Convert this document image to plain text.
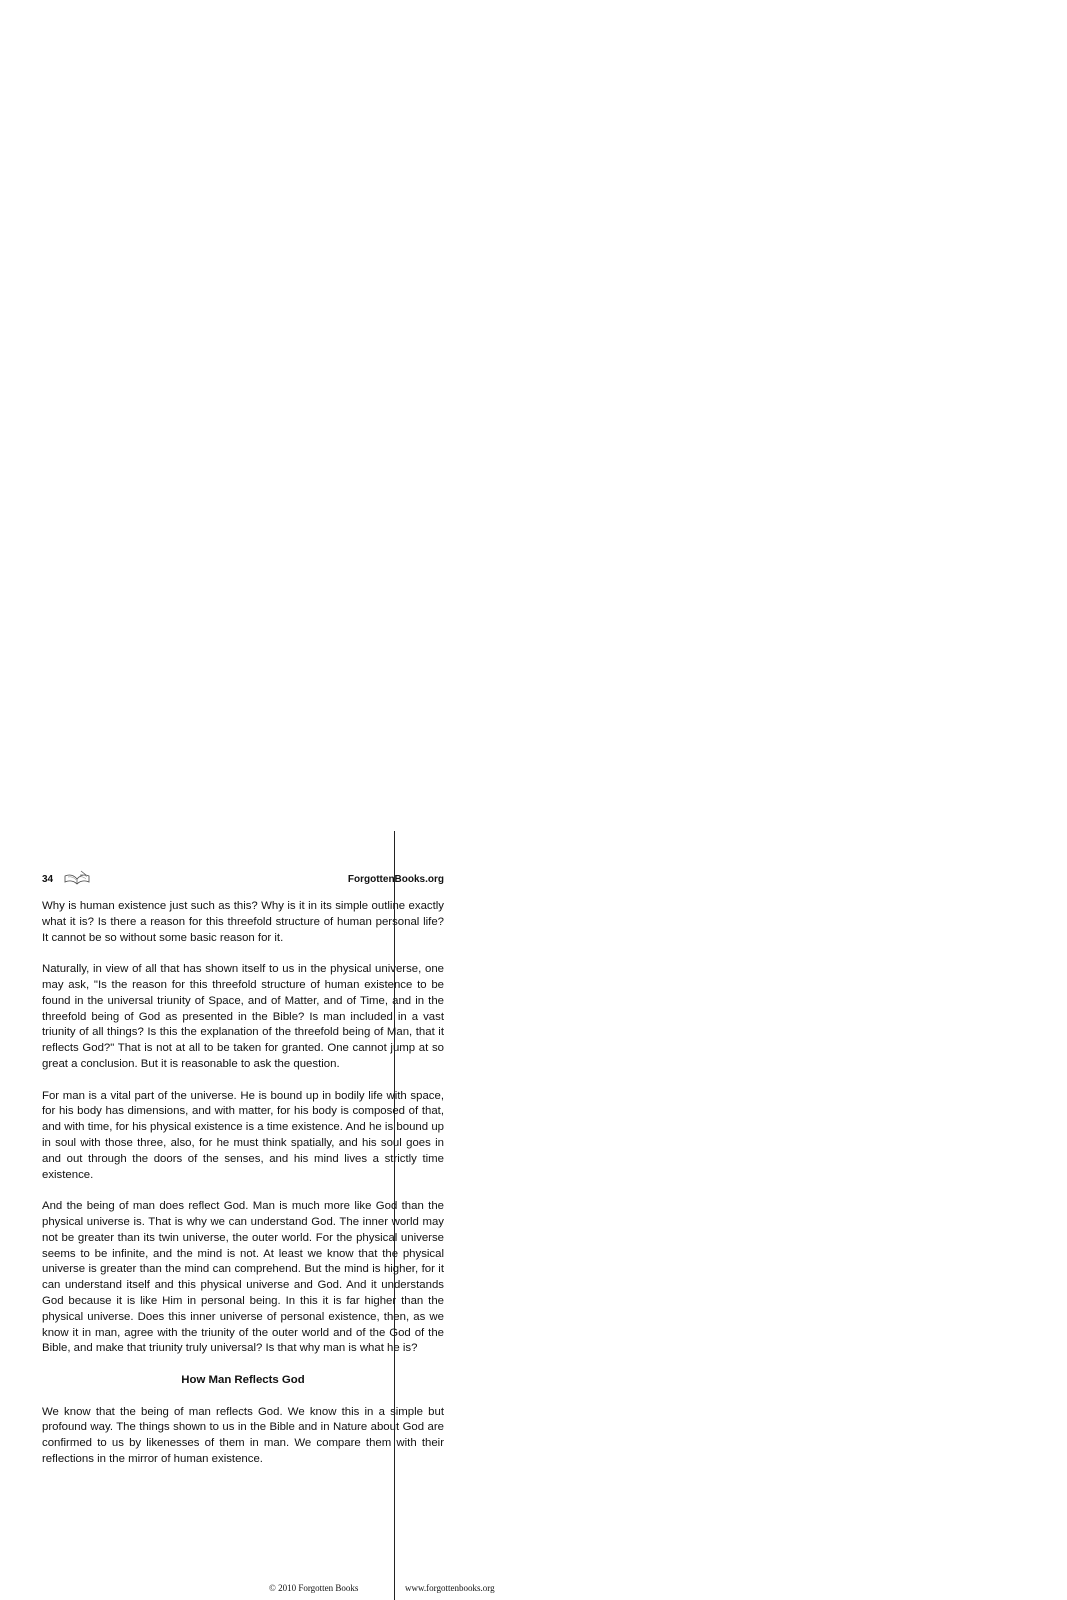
34	ForgottenBooks.org

Why is human existence just such as this? Why is it in its simple outline exactly what it is? Is there a reason for this threefold structure of human personal life? It cannot be so without some basic reason for it.

Naturally, in view of all that has shown itself to us in the physical universe, one may ask, "Is the reason for this threefold structure of human existence to be found in the universal triunity of Space, and of Matter, and of Time, and in the threefold being of God as presented in the Bible? Is man included in a vast triunity of all things? Is this the explanation of the threefold being of Man, that it reflects God?" That is not at all to be taken for granted. One cannot jump at so great a conclusion. But it is reasonable to ask the question.

For man is a vital part of the universe. He is bound up in bodily life with space, for his body has dimensions, and with matter, for his body is composed of that, and with time, for his physical existence is a time existence. And he is bound up in soul with those three, also, for he must think spatially, and his soul goes in and out through the doors of the senses, and his mind lives a strictly time existence.

And the being of man does reflect God. Man is much more like God than the physical universe is. That is why we can understand God. The inner world may not be greater than its twin universe, the outer world. For the physical universe seems to be infinite, and the mind is not. At least we know that the physical universe is greater than the mind can comprehend. But the mind is higher, for it can understand itself and this physical universe and God. And it understands God because it is like Him in personal being. In this it is far higher than the physical universe. Does this inner universe of personal existence, then, as we know it in man, agree with the triunity of the outer world and of the God of the Bible, and make that triunity truly universal? Is that why man is what he is?

How Man Reflects God

We know that the being of man reflects God. We know this in a simple but profound way. The things shown to us in the Bible and in Nature about God are confirmed to us by likenesses of them in man. We compare them with their reflections in the mirror of human existence.

© 2010 Forgotten Books	www.forgottenbooks.org
